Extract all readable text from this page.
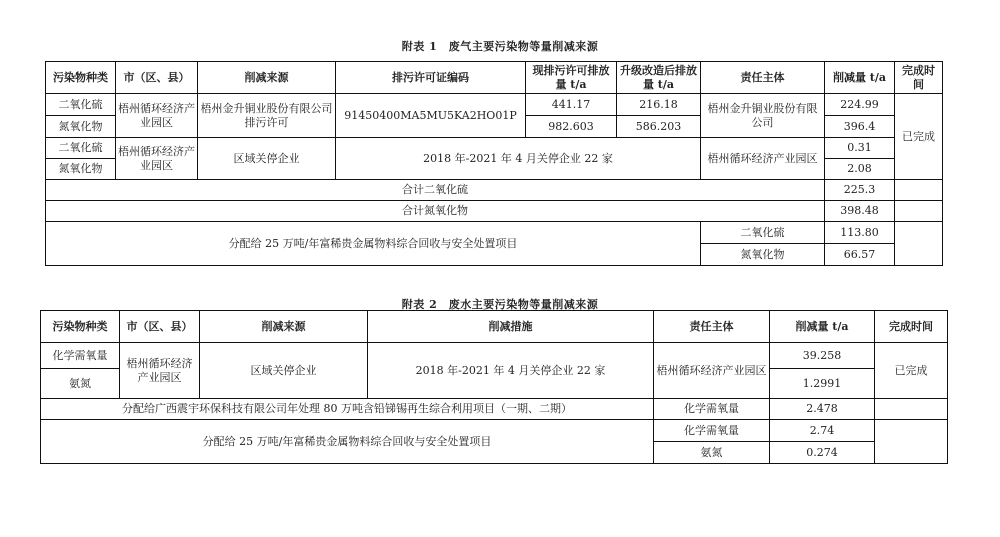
附表 1　废气主要污染物等量削减来源
污染物种类	市（区、县）	削减来源	排污许可证编码	现排污许可排放量 t/a	升级改造后排放量 t/a	责任主体	削减量 t/a	完成时间
二氧化硫	梧州循环经济产业园区	梧州金升铜业股份有限公司排污许可	91450400MA5MU5KA2HO01P	441.17	216.18	梧州金升铜业股份有限公司	224.99	已完成
氮氧化物				982.603	586.203		396.4	
二氧化硫	梧州循环经济产业园区	区域关停企业	2018 年-2021 年 4 月关停企业 22 家			梧州循环经济产业园区	0.31	
氮氧化物							2.08	
合计二氧化硫							225.3	
合计氮氧化物							398.48	
分配给 25 万吨/年富稀贵金属物料综合回收与安全处置项目						二氧化硫	113.80	
						氮氧化物	66.57	
附表 2　废水主要污染物等量削减来源
污染物种类	市（区、县）	削减来源	削减措施	责任主体	削减量 t/a	完成时间
化学需氧量	梧州循环经济产业园区	区域关停企业	2018 年-2021 年 4 月关停企业 22 家	梧州循环经济产业园区	39.258	已完成
氨氮					1.2991	
分配给广西震宇环保科技有限公司年处理 80 万吨含铅锑锡再生综合利用项目（一期、二期）				化学需氧量	2.478	
分配给 25 万吨/年富稀贵金属物料综合回收与安全处置项目				化学需氧量	2.74	
				氨氮	0.274	
